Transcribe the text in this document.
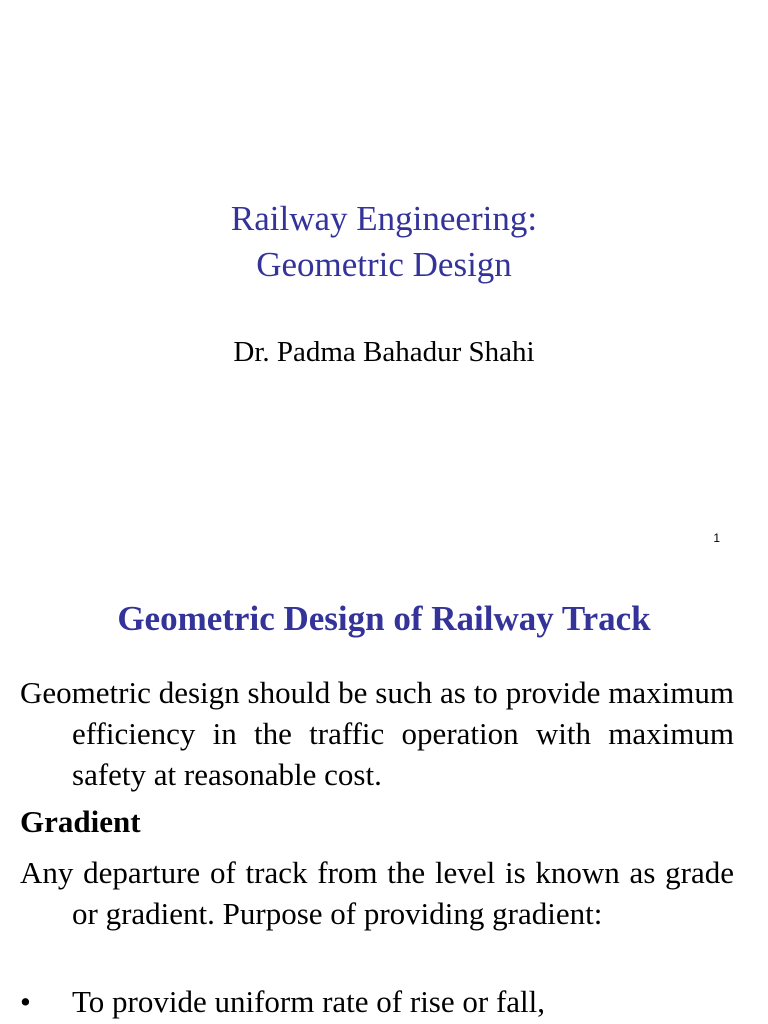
Railway Engineering:
Geometric Design
Dr. Padma Bahadur Shahi
1
Geometric Design of Railway Track
Geometric design should be such as to provide maximum efficiency in the traffic operation with maximum safety at reasonable cost.
Gradient
Any departure of track from the level is known as grade or gradient. Purpose of providing gradient:
• To provide uniform rate of rise or fall,
